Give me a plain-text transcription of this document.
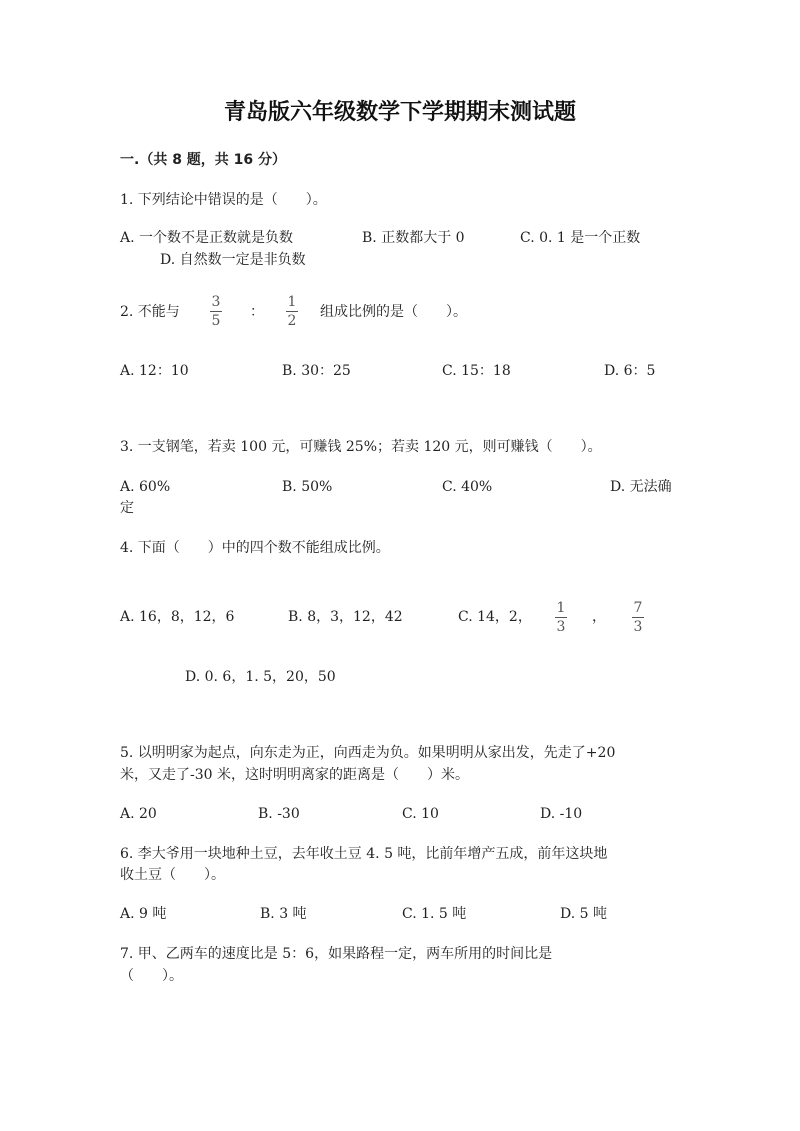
青岛版六年级数学下学期期末测试题
一.（共 8 题，共 16 分）
1. 下列结论中错误的是（　　）。
A. 一个数不是正数就是负数	B. 正数都大于 0	C. 0. 1 是一个正数
D. 自然数一定是非负数
2. 不能与
3
5
：
1
2
组成比例的是（　　）。
A. 12：10	B. 30：25	C. 15：18	D. 6：5
3. 一支钢笔，若卖 100 元，可赚钱 25%；若卖 120 元，则可赚钱（　　）。
A. 60%	B. 50%	C. 40%	D. 无法确
定
4. 下面（　　）中的四个数不能组成比例。
A. 16，8，12，6	B. 8，3，12，42	C. 14，2，
1
3
，
7
3
D. 0. 6，1. 5，20，50
5. 以明明家为起点，向东走为正，向西走为负。如果明明从家出发，先走了+20
米，又走了-30 米，这时明明离家的距离是（　　）米。
A. 20	B. -30	C. 10	D. -10
6. 李大爷用一块地种土豆，去年收土豆 4. 5 吨，比前年增产五成，前年这块地
收土豆（　　）。
A. 9 吨	B. 3 吨	C. 1. 5 吨	D. 5 吨
7. 甲、乙两车的速度比是 5：6，如果路程一定，两车所用的时间比是
（　　）。
